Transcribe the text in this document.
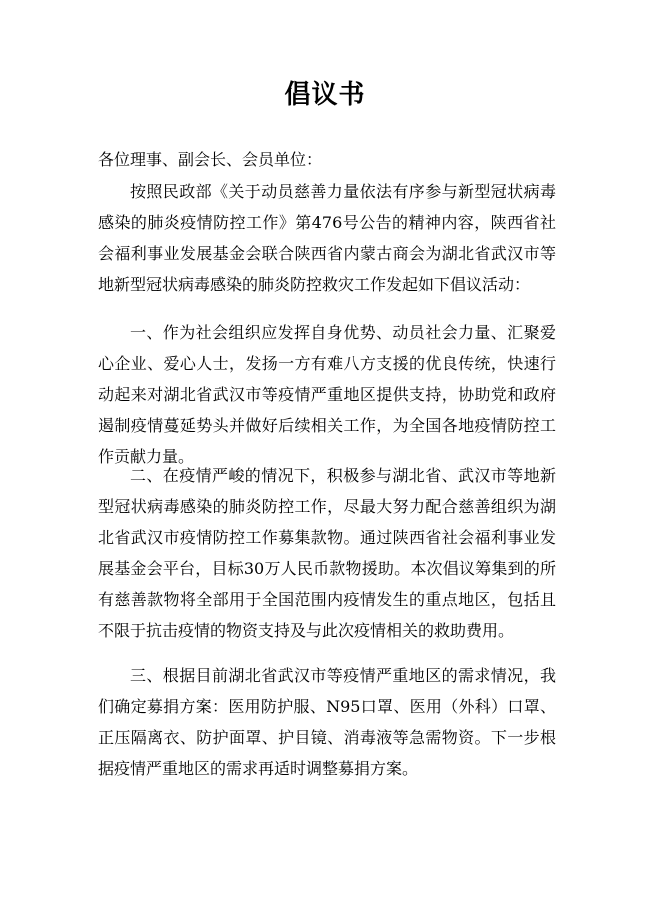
倡议书
各位理事、副会长、会员单位：

按照民政部《关于动员慈善力量依法有序参与新型冠状病毒感染的肺炎疫情防控工作》第476号公告的精神内容，陕西省社会福利事业发展基金会联合陕西省内蒙古商会为湖北省武汉市等地新型冠状病毒感染的肺炎防控救灾工作发起如下倡议活动：

一、作为社会组织应发挥自身优势、动员社会力量、汇聚爱心企业、爱心人士，发扬一方有难八方支援的优良传统，快速行动起来对湖北省武汉市等疫情严重地区提供支持，协助党和政府遏制疫情蔓延势头并做好后续相关工作，为全国各地疫情防控工作贡献力量。

二、在疫情严峻的情况下，积极参与湖北省、武汉市等地新型冠状病毒感染的肺炎防控工作，尽最大努力配合慈善组织为湖北省武汉市疫情防控工作募集款物。通过陕西省社会福利事业发展基金会平台，目标30万人民币款物援助。本次倡议筹集到的所有慈善款物将全部用于全国范围内疫情发生的重点地区，包括且不限于抗击疫情的物资支持及与此次疫情相关的救助费用。

三、根据目前湖北省武汉市等疫情严重地区的需求情况，我们确定募捐方案：医用防护服、N95口罩、医用（外科）口罩、正压隔离衣、防护面罩、护目镜、消毒液等急需物资。下一步根据疫情严重地区的需求再适时调整募捐方案。
